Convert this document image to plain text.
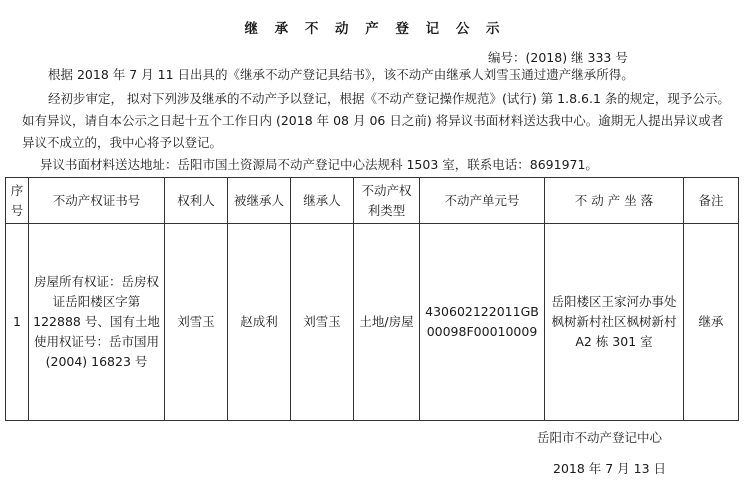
继 承 不 动 产 登 记 公 示
编号：(2018) 继 333 号
根据 2018 年 7 月 11 日出具的《继承不动产登记具结书》，该不动产由继承人刘雪玉通过遗产继承所得。
经初步审定， 拟对下列涉及继承的不动产予以登记，根据《不动产登记操作规范》(试行) 第 1.8.6.1 条的规定，现予公示。如有异议，请自本公示之日起十五个工作日内 (2018 年 08 月 06 日之前) 将异议书面材料送达我中心。逾期无人提出异议或者异议不成立的，我中心将予以登记。
异议书面材料送达地址：岳阳市国土资源局不动产登记中心法规科 1503 室，联系电话：8691971。
序号	不动产权证书号	权利人	被继承人	继承人	不动产权利类型	不动产单元号	不 动 产 坐 落	备注
1	房屋所有权证：岳房权证岳阳楼区字第 122888 号、国有土地使用权证号：岳市国用 (2004) 16823 号	刘雪玉	赵成利	刘雪玉	土地/房屋	430602122011GB00098F00010009	岳阳楼区王家河办事处枫树新村社区枫树新村 A2 栋 301 室	继承
岳阳市不动产登记中心
2018 年 7 月 13 日
